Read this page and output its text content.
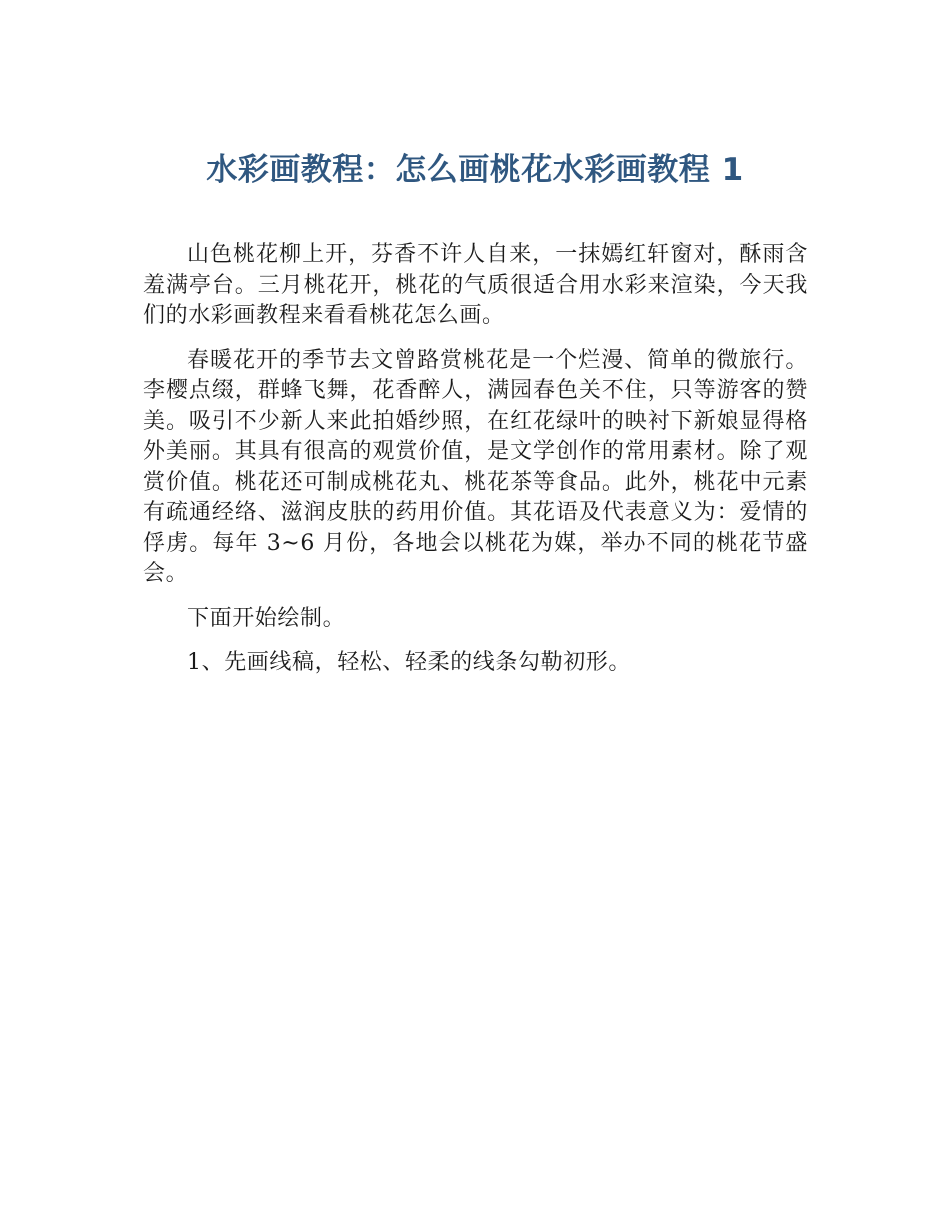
水彩画教程：怎么画桃花水彩画教程 1

山色桃花柳上开，芬香不许人自来，一抹嫣红轩窗对，酥雨含羞满亭台。三月桃花开，桃花的气质很适合用水彩来渲染，今天我们的水彩画教程来看看桃花怎么画。

春暖花开的季节去文曾路赏桃花是一个烂漫、简单的微旅行。李樱点缀，群蜂飞舞，花香醉人，满园春色关不住，只等游客的赞美。吸引不少新人来此拍婚纱照，在红花绿叶的映衬下新娘显得格外美丽。其具有很高的观赏价值，是文学创作的常用素材。除了观赏价值。桃花还可制成桃花丸、桃花茶等食品。此外，桃花中元素有疏通经络、滋润皮肤的药用价值。其花语及代表意义为：爱情的俘虏。每年 3~6 月份，各地会以桃花为媒，举办不同的桃花节盛会。

下面开始绘制。

1、先画线稿，轻松、轻柔的线条勾勒初形。
